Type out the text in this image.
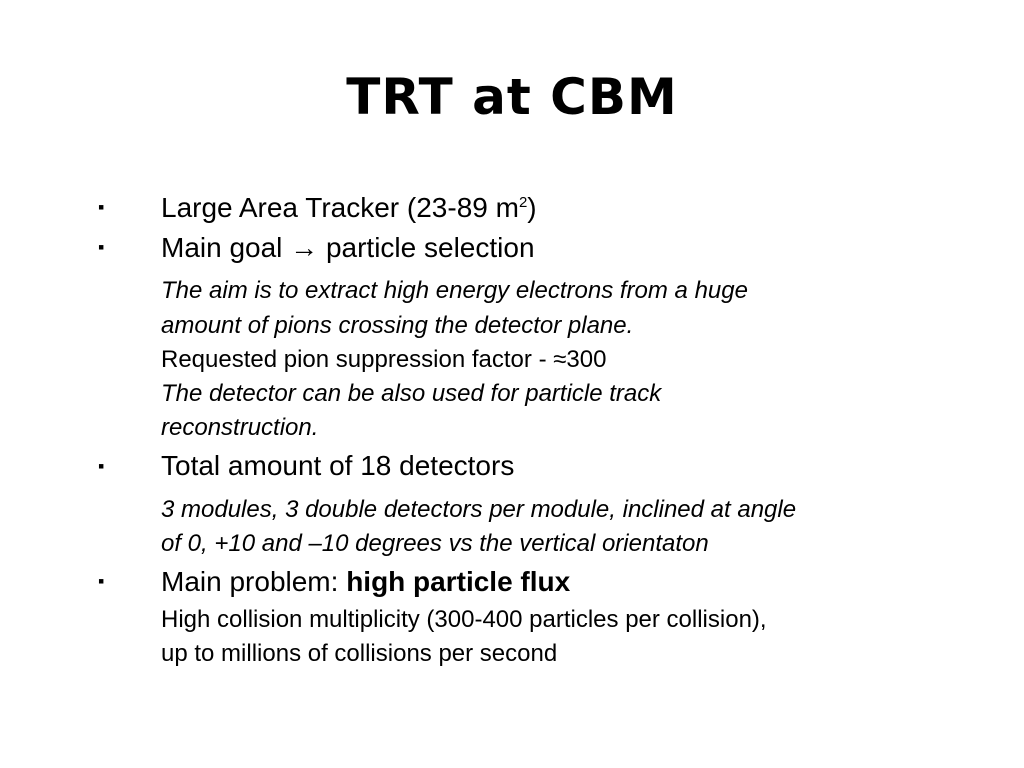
TRT at CBM
▪ Large Area Tracker (23-89 $m^2$)
▪ Main goal → particle selection
The aim is to extract high energy electrons from a huge
amount of pions crossing the detector plane.
Requested pion suppression factor - ≈300
The detector can be also used for particle track
reconstruction.
▪ Total amount of 18 detectors
3 modules, 3 double detectors per module, inclined at angle
of 0, +10 and –10 degrees vs the vertical orientaton
▪ Main problem: high particle flux
High collision multiplicity (300-400 particles per collision),
up to millions of collisions per second
